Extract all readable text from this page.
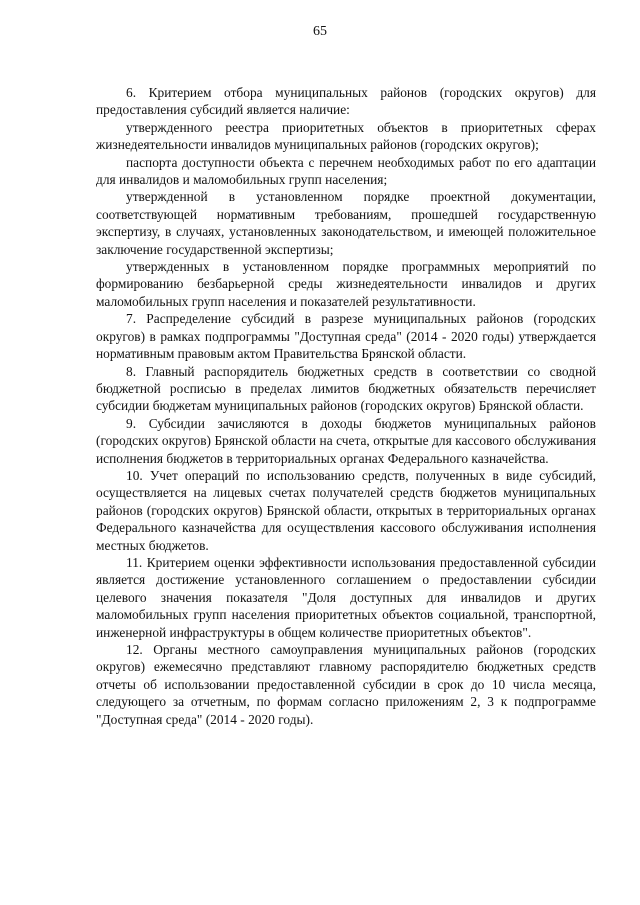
65

6. Критерием отбора муниципальных районов (городских округов) для предоставления субсидий является наличие:

утвержденного реестра приоритетных объектов в приоритетных сферах жизнедеятельности инвалидов муниципальных районов (городских округов);

паспорта доступности объекта с перечнем необходимых работ по его адаптации для инвалидов и маломобильных групп населения;

утвержденной в установленном порядке проектной документации, соответствующей нормативным требованиям, прошедшей государственную экспертизу, в случаях, установленных законодательством, и имеющей положительное заключение государственной экспертизы;

утвержденных в установленном порядке программных мероприятий по формированию безбарьерной среды жизнедеятельности инвалидов и других маломобильных групп населения и показателей результативности.

7. Распределение субсидий в разрезе муниципальных районов (городских округов) в рамках подпрограммы "Доступная среда" (2014 - 2020 годы) утверждается нормативным правовым актом Правительства Брянской области.

8. Главный распорядитель бюджетных средств в соответствии со сводной бюджетной росписью в пределах лимитов бюджетных обязательств перечисляет субсидии бюджетам муниципальных районов (городских округов) Брянской области.

9. Субсидии зачисляются в доходы бюджетов муниципальных районов (городских округов) Брянской области на счета, открытые для кассового обслуживания исполнения бюджетов в территориальных органах Федерального казначейства.

10. Учет операций по использованию средств, полученных в виде субсидий, осуществляется на лицевых счетах получателей средств бюджетов муниципальных районов (городских округов) Брянской области, открытых в территориальных органах Федерального казначейства для осуществления кассового обслуживания исполнения местных бюджетов.

11. Критерием оценки эффективности использования предоставленной субсидии является достижение установленного соглашением о предоставлении субсидии целевого значения показателя "Доля доступных для инвалидов и других маломобильных групп населения приоритетных объектов социальной, транспортной, инженерной инфраструктуры в общем количестве приоритетных объектов".

12. Органы местного самоуправления муниципальных районов (городских округов) ежемесячно представляют главному распорядителю бюджетных средств отчеты об использовании предоставленной субсидии в срок до 10 числа месяца, следующего за отчетным, по формам согласно приложениям 2, 3 к подпрограмме "Доступная среда" (2014 - 2020 годы).
